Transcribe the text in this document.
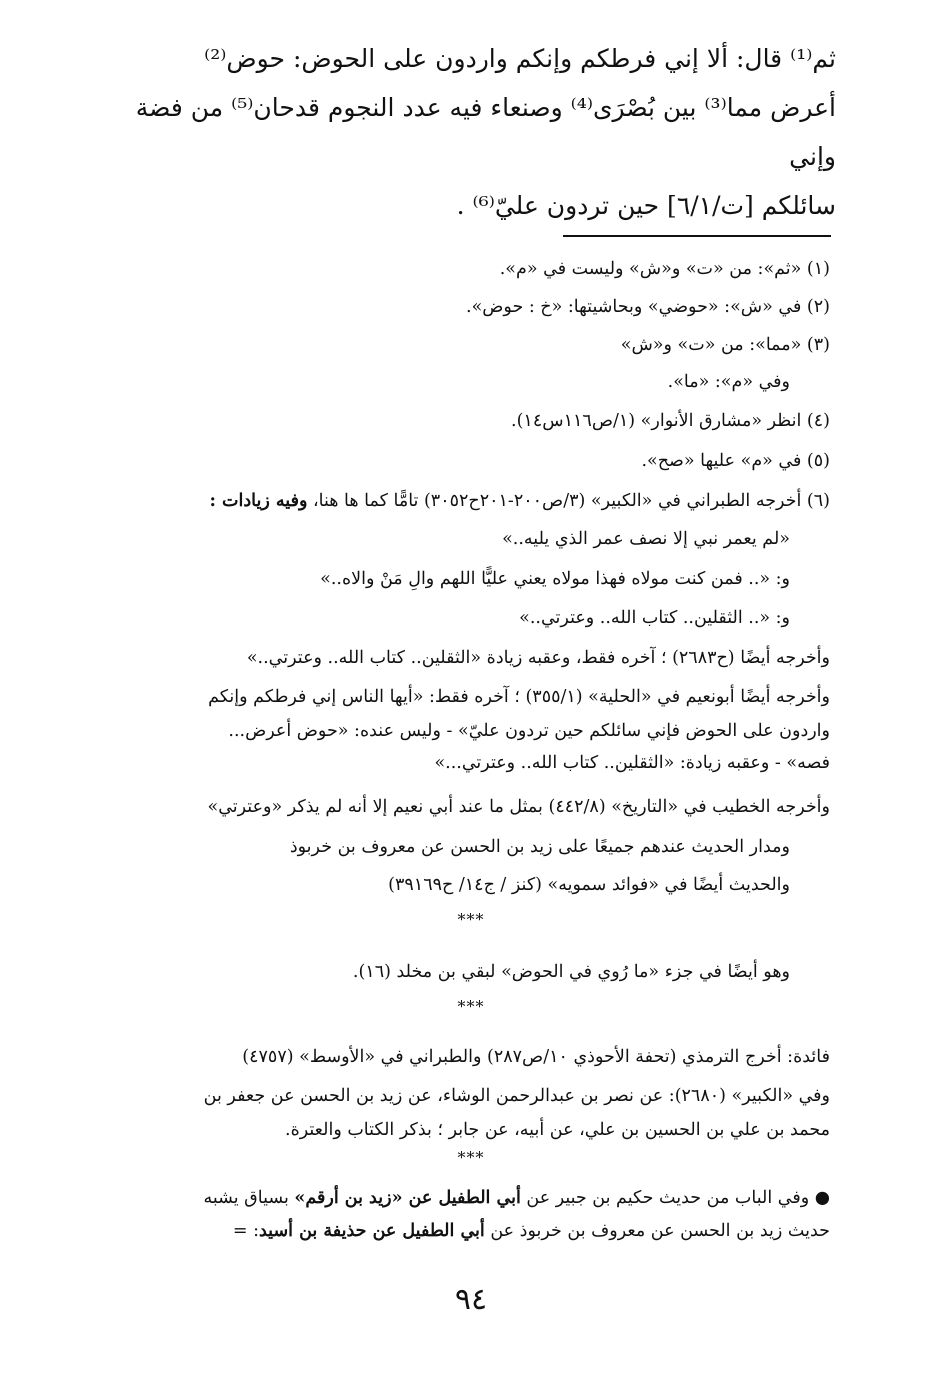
ثم⁽¹⁾ قال: ألا إني فرطكم وإنكم واردون على الحوض: حوض⁽²⁾

أعرض مما⁽³⁾ بين بُصْرَى⁽⁴⁾ وصنعاء فيه عدد النجوم قدحان⁽⁵⁾ من فضة وإني

سائلكم [ت/٦/١] حين تردون عليّ⁽⁶⁾ .

(١) «ثم»: من «ت» و«ش» وليست في «م».
(٢) في «ش»: «حوضي» وبحاشيتها: «خ : حوض».
(٣) «مما»: من «ت» و«ش»
وفي «م»: «ما».
(٤) انظر «مشارق الأنوار» (١/ص١١٦س١٤).
(٥) في «م» عليها «صح».
(٦) أخرجه الطبراني في «الكبير» (٣/ص٢٠٠-٢٠١ح٣٠٥٢) تامًّا كما ها هنا، وفيه زيادات :
«لم يعمر نبي إلا نصف عمر الذي يليه..»
و: «.. فمن كنت مولاه فهذا مولاه يعني عليًّا اللهم والِ مَنْ والاه..»
و: «.. الثقلين.. كتاب الله.. وعترتي..»
وأخرجه أيضًا (ح٢٦٨٣) ؛ آخره فقط، وعقبه زيادة «الثقلين.. كتاب الله.. وعترتي..»
وأخرجه أيضًا أبونعيم في «الحلية» (٣٥٥/١) ؛ آخره فقط: «أيها الناس إني فرطكم وإنكم
واردون على الحوض فإني سائلكم حين تردون عليّ» - وليس عنده: «حوض أعرض...
فصه» - وعقبه زيادة: «الثقلين.. كتاب الله.. وعترتي...»
وأخرجه الخطيب في «التاريخ» (٤٤٢/٨) بمثل ما عند أبي نعيم إلا أنه لم يذكر «وعترتي»
ومدار الحديث عندهم جميعًا على زيد بن الحسن عن معروف بن خربوذ
والحديث أيضًا في «فوائد سمويه» (كنز / ج١٤/ ح٣٩١٦٩)
***
وهو أيضًا في جزء «ما رُوي في الحوض» لبقي بن مخلد (١٦).
***
فائدة: أخرج الترمذي (تحفة الأحوذي ١٠/ص٢٨٧) والطبراني في «الأوسط» (٤٧٥٧)
وفي «الكبير» (٢٦٨٠): عن نصر بن عبدالرحمن الوشاء، عن زيد بن الحسن عن جعفر بن
محمد بن علي بن الحسين بن علي، عن أبيه، عن جابر ؛ بذكر الكتاب والعترة.
***
● وفي الباب من حديث حكيم بن جبير عن أبي الطفيل عن «زيد بن أرقم» بسياق يشبه
حديث زيد بن الحسن عن معروف بن خربوذ عن أبي الطفيل عن حذيفة بن أسيد: =
٩٤
